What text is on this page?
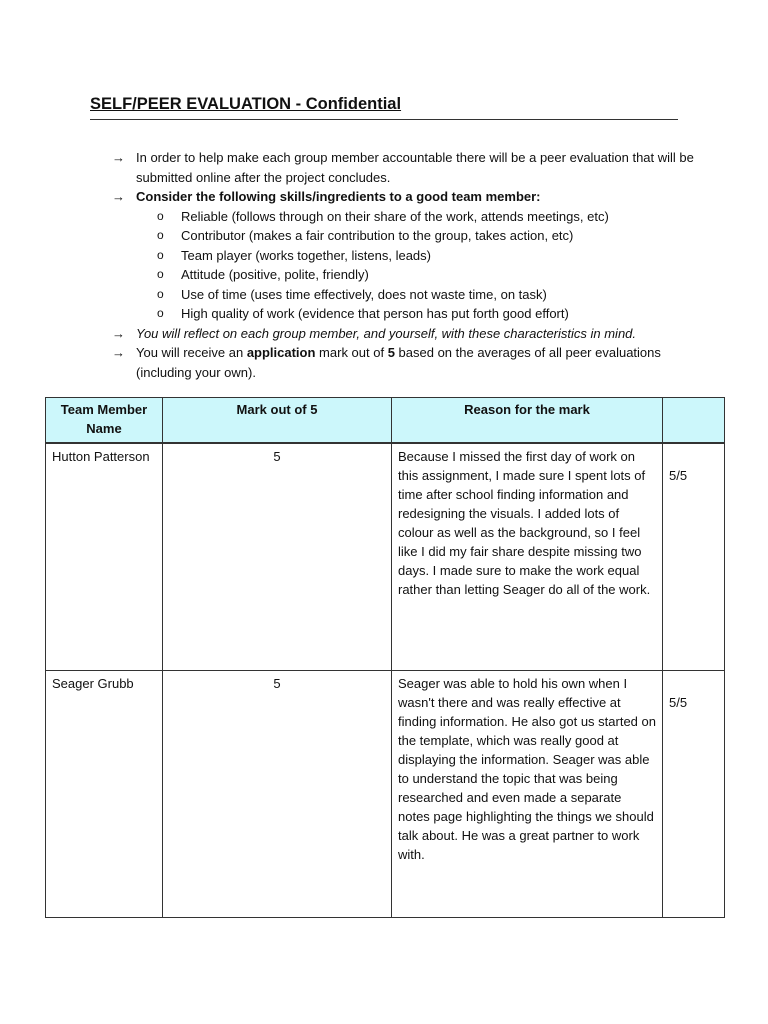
SELF/PEER EVALUATION - Confidential
→ In order to help make each group member accountable there will be a peer evaluation that will be submitted online after the project concludes.
→ Consider the following skills/ingredients to a good team member:
o Reliable (follows through on their share of the work, attends meetings, etc)
o Contributor (makes a fair contribution to the group, takes action, etc)
o Team player (works together, listens, leads)
o Attitude (positive, polite, friendly)
o Use of time (uses time effectively, does not waste time, on task)
o High quality of work (evidence that person has put forth good effort)
→ You will reflect on each group member, and yourself, with these characteristics in mind.
→ You will receive an application mark out of 5 based on the averages of all peer evaluations (including your own).
Team Member Name	Mark out of 5	Reason for the mark	
Hutton Patterson	5	Because I missed the first day of work on this assignment, I made sure I spent lots of time after school finding information and redesigning the visuals. I added lots of colour as well as the background, so I feel like I did my fair share despite missing two days. I made sure to make the work equal rather than letting Seager do all of the work.	5/5
Seager Grubb	5	Seager was able to hold his own when I wasn't there and was really effective at finding information. He also got us started on the template, which was really good at displaying the information. Seager was able to understand the topic that was being researched and even made a separate notes page highlighting the things we should talk about. He was a great partner to work with.	5/5
